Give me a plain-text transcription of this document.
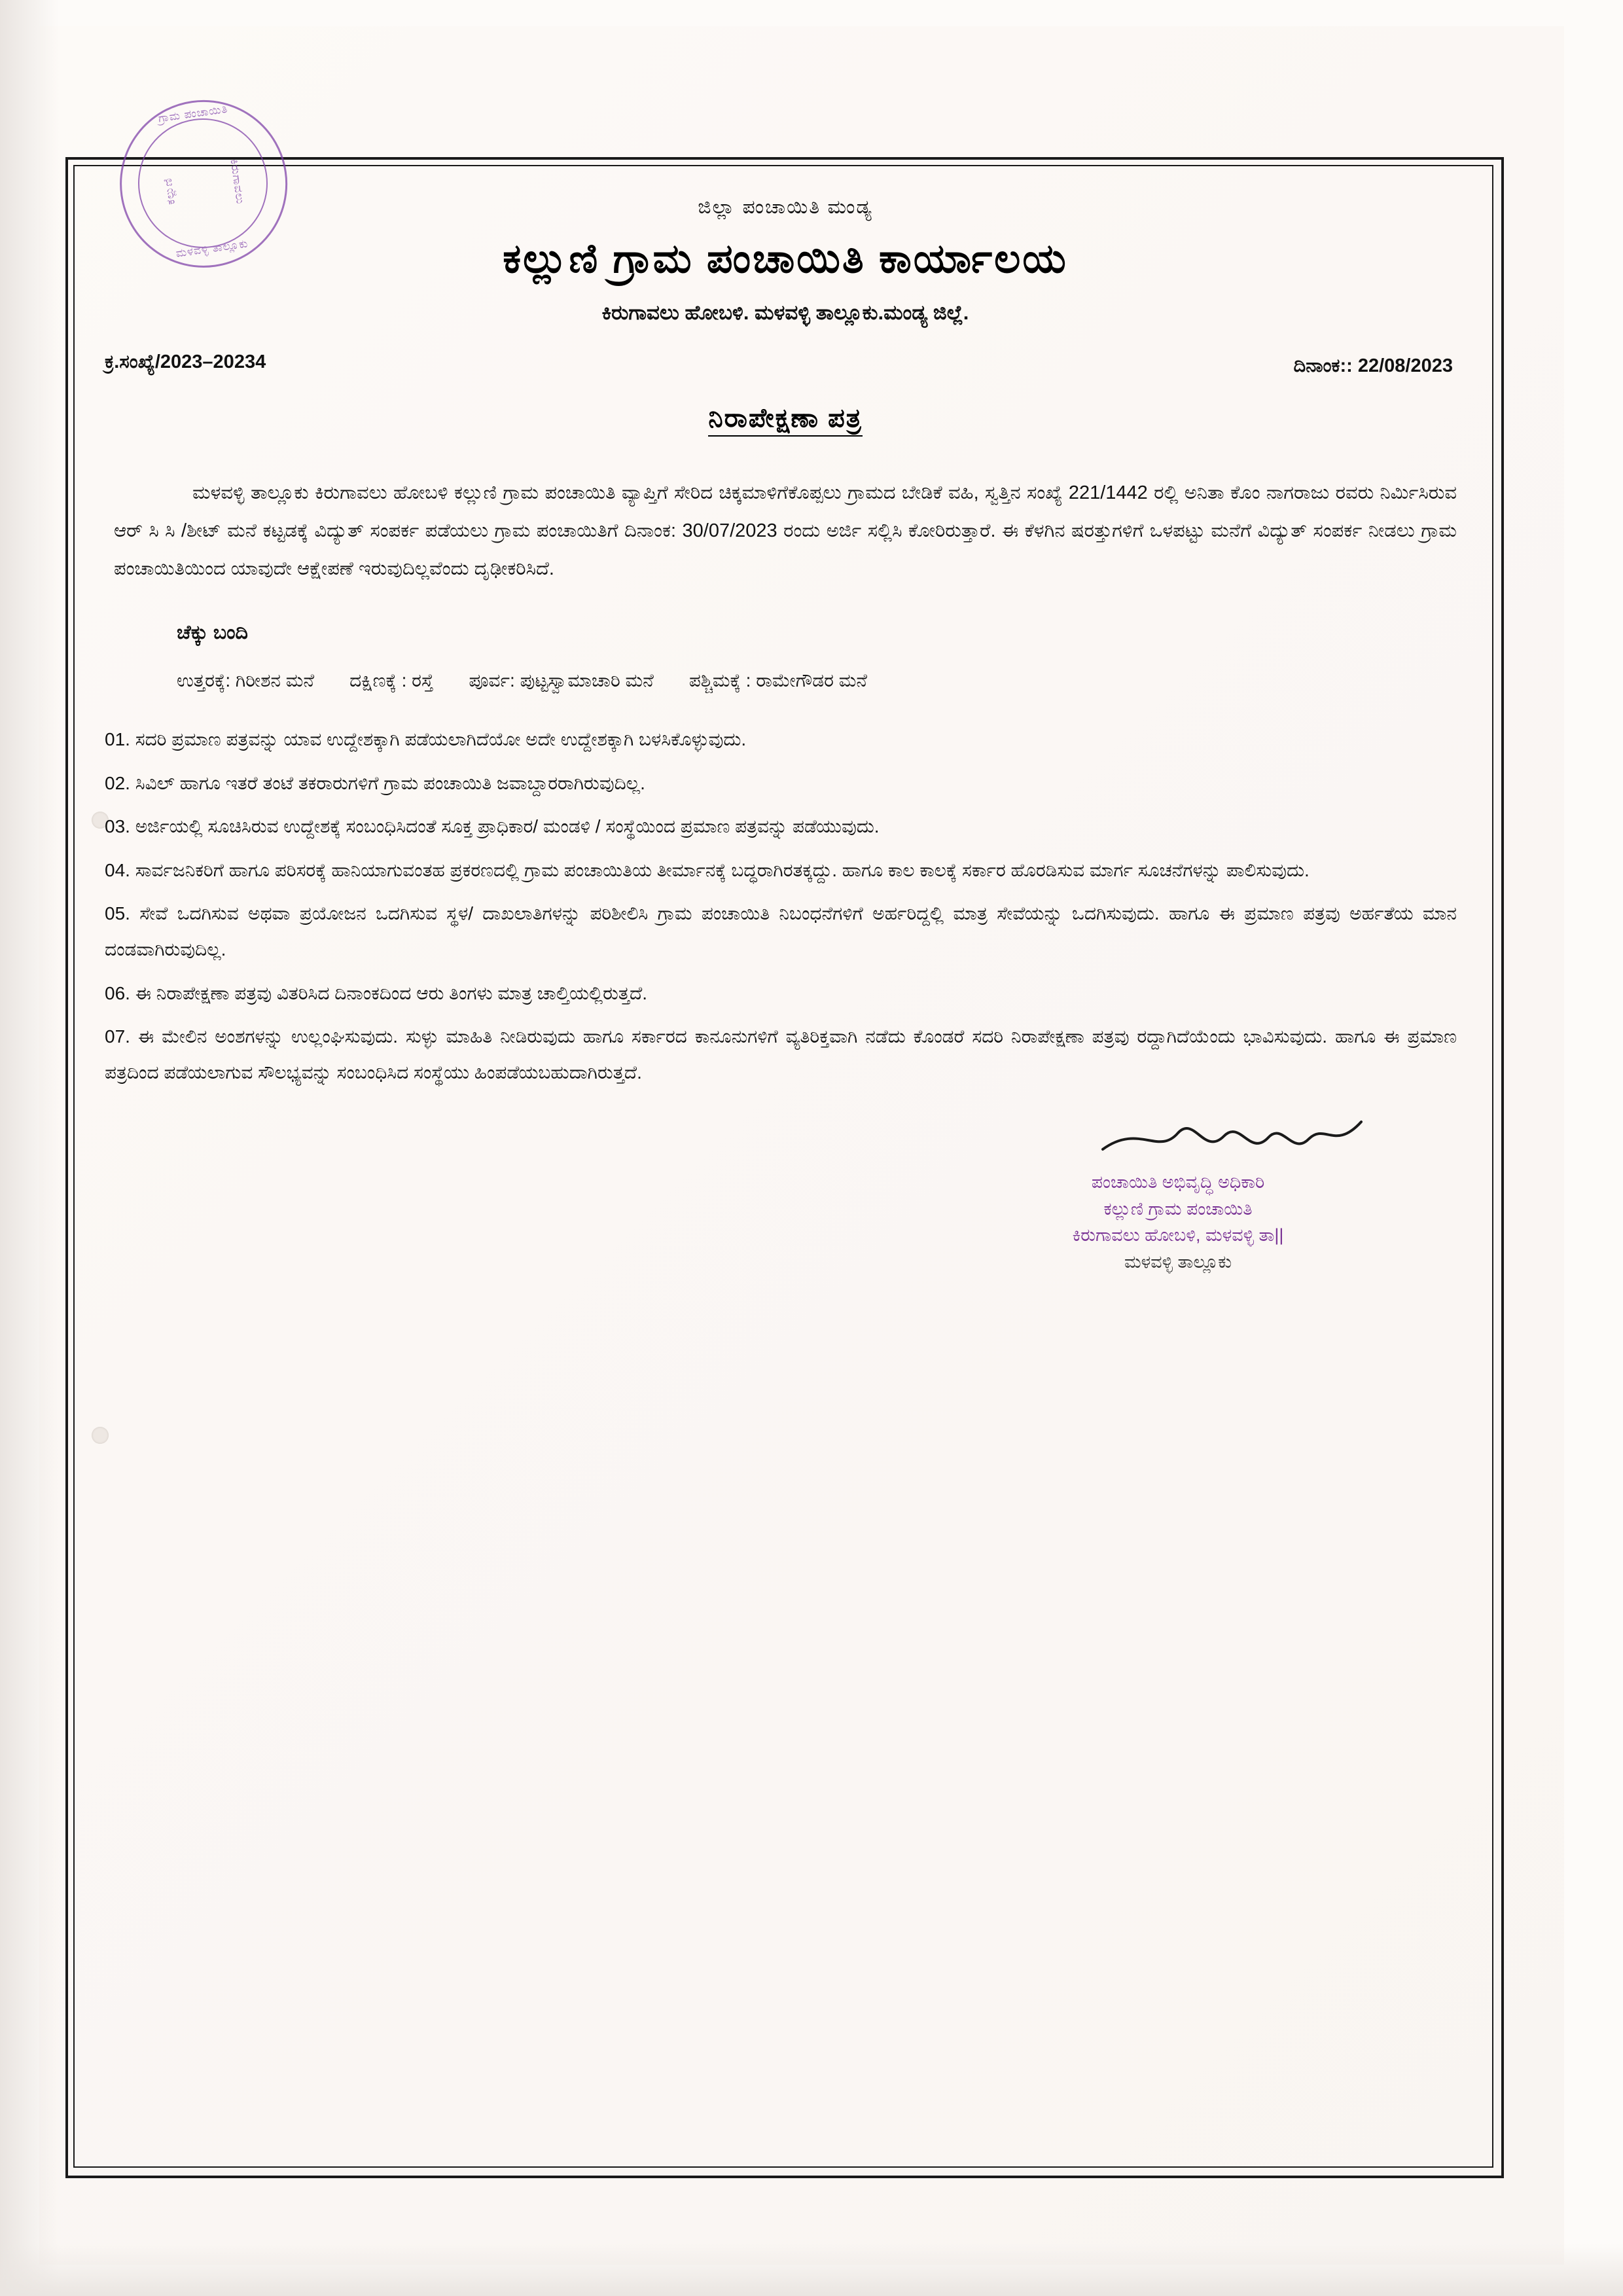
ಗ್ರಾಮ ಪಂಚಾಯಿತಿ
ಮಳವಳ್ಳಿ ತಾಲ್ಲೂಕು
ಕಲ್ಲುಣಿ	ಕಿರುಗಾವಲು
ಜಿಲ್ಲಾ ಪಂಚಾಯಿತಿ ಮಂಡ್ಯ
ಕಲ್ಲುಣಿ ಗ್ರಾಮ ಪಂಚಾಯಿತಿ ಕಾರ್ಯಾಲಯ
ಕಿರುಗಾವಲು ಹೋಬಳಿ. ಮಳವಳ್ಳಿ ತಾಲ್ಲೂಕು.ಮಂಡ್ಯ ಜಿಲ್ಲೆ.
ಕ್ರ.ಸಂಖ್ಯೆ/2023–20234	ದಿನಾಂಕ:: 22/08/2023
ನಿರಾಪೇಕ್ಷಣಾ ಪತ್ರ
ಮಳವಳ್ಳಿ ತಾಲ್ಲೂಕು ಕಿರುಗಾವಲು ಹೋಬಳಿ ಕಲ್ಲುಣಿ ಗ್ರಾಮ ಪಂಚಾಯಿತಿ ವ್ಯಾಪ್ತಿಗೆ ಸೇರಿದ ಚಿಕ್ಕಮಾಳಿಗೆಕೊಪ್ಪಲು ಗ್ರಾಮದ ಬೇಡಿಕೆ ವಹಿ, ಸ್ವತ್ತಿನ ಸಂಖ್ಯೆ 221/1442 ರಲ್ಲಿ ಅನಿತಾ ಕೊಂ ನಾಗರಾಜು ರವರು ನಿರ್ಮಿಸಿರುವ ಆರ್ ಸಿ ಸಿ /ಶೀಟ್ ಮನೆ ಕಟ್ಟಡಕ್ಕೆ ವಿದ್ಯುತ್ ಸಂಪರ್ಕ ಪಡೆಯಲು ಗ್ರಾಮ ಪಂಚಾಯಿತಿಗೆ ದಿನಾಂಕ: 30/07/2023 ರಂದು ಅರ್ಜಿ ಸಲ್ಲಿಸಿ ಕೋರಿರುತ್ತಾರೆ. ಈ ಕೆಳಗಿನ ಷರತ್ತುಗಳಿಗೆ ಒಳಪಟ್ಟು ಮನೆಗೆ ವಿದ್ಯುತ್ ಸಂಪರ್ಕ ನೀಡಲು ಗ್ರಾಮ ಪಂಚಾಯಿತಿಯಿಂದ ಯಾವುದೇ ಆಕ್ಷೇಪಣೆ ಇರುವುದಿಲ್ಲವೆಂದು ದೃಢೀಕರಿಸಿದೆ.
ಚೆಕ್ಕು ಬಂದಿ
ಉತ್ತರಕ್ಕೆ: ಗಿರೀಶನ ಮನೆ ದಕ್ಷಿಣಕ್ಕೆ : ರಸ್ತೆ ಪೂರ್ವ: ಪುಟ್ಟಸ್ವಾಮಾಚಾರಿ ಮನೆ ಪಶ್ಚಿಮಕ್ಕೆ : ರಾಮೇಗೌಡರ ಮನೆ
01. ಸದರಿ ಪ್ರಮಾಣ ಪತ್ರವನ್ನು ಯಾವ ಉದ್ದೇಶಕ್ಕಾಗಿ ಪಡೆಯಲಾಗಿದೆಯೋ ಅದೇ ಉದ್ದೇಶಕ್ಕಾಗಿ ಬಳಸಿಕೊಳ್ಳುವುದು.
02. ಸಿವಿಲ್ ಹಾಗೂ ಇತರೆ ತಂಟೆ ತಕರಾರುಗಳಿಗೆ ಗ್ರಾಮ ಪಂಚಾಯಿತಿ ಜವಾಬ್ದಾರರಾಗಿರುವುದಿಲ್ಲ.
03. ಅರ್ಜಿಯಲ್ಲಿ ಸೂಚಿಸಿರುವ ಉದ್ದೇಶಕ್ಕೆ ಸಂಬಂಧಿಸಿದಂತೆ ಸೂಕ್ತ ಪ್ರಾಧಿಕಾರ/ ಮಂಡಳಿ / ಸಂಸ್ಥೆಯಿಂದ ಪ್ರಮಾಣ ಪತ್ರವನ್ನು ಪಡೆಯುವುದು.
04. ಸಾರ್ವಜನಿಕರಿಗೆ ಹಾಗೂ ಪರಿಸರಕ್ಕೆ ಹಾನಿಯಾಗುವಂತಹ ಪ್ರಕರಣದಲ್ಲಿ ಗ್ರಾಮ ಪಂಚಾಯಿತಿಯ ತೀರ್ಮಾನಕ್ಕೆ ಬದ್ಧರಾಗಿರತಕ್ಕದ್ದು. ಹಾಗೂ ಕಾಲ ಕಾಲಕ್ಕೆ ಸರ್ಕಾರ ಹೊರಡಿಸುವ ಮಾರ್ಗ ಸೂಚನೆಗಳನ್ನು ಪಾಲಿಸುವುದು.
05. ಸೇವೆ ಒದಗಿಸುವ ಅಥವಾ ಪ್ರಯೋಜನ ಒದಗಿಸುವ ಸ್ಥಳ/ ದಾಖಲಾತಿಗಳನ್ನು ಪರಿಶೀಲಿಸಿ ಗ್ರಾಮ ಪಂಚಾಯಿತಿ ನಿಬಂಧನೆಗಳಿಗೆ ಅರ್ಹರಿದ್ದಲ್ಲಿ ಮಾತ್ರ ಸೇವೆಯನ್ನು ಒದಗಿಸುವುದು. ಹಾಗೂ ಈ ಪ್ರಮಾಣ ಪತ್ರವು ಅರ್ಹತೆಯ ಮಾನ ದಂಡವಾಗಿರುವುದಿಲ್ಲ.
06. ಈ ನಿರಾಪೇಕ್ಷಣಾ ಪತ್ರವು ವಿತರಿಸಿದ ದಿನಾಂಕದಿಂದ ಆರು ತಿಂಗಳು ಮಾತ್ರ ಚಾಲ್ತಿಯಲ್ಲಿರುತ್ತದೆ.
07. ಈ ಮೇಲಿನ ಅಂಶಗಳನ್ನು ಉಲ್ಲಂಘಿಸುವುದು. ಸುಳ್ಳು ಮಾಹಿತಿ ನೀಡಿರುವುದು ಹಾಗೂ ಸರ್ಕಾರದ ಕಾನೂನುಗಳಿಗೆ ವ್ಯತಿರಿಕ್ತವಾಗಿ ನಡೆದು ಕೊಂಡರೆ ಸದರಿ ನಿರಾಪೇಕ್ಷಣಾ ಪತ್ರವು ರದ್ದಾಗಿದೆಯೆಂದು ಭಾವಿಸುವುದು. ಹಾಗೂ ಈ ಪ್ರಮಾಣ ಪತ್ರದಿಂದ ಪಡೆಯಲಾಗುವ ಸೌಲಭ್ಯವನ್ನು ಸಂಬಂಧಿಸಿದ ಸಂಸ್ಥೆಯು ಹಿಂಪಡೆಯಬಹುದಾಗಿರುತ್ತದೆ.
ಪಂಚಾಯಿತಿ ಅಭಿವೃದ್ಧಿ ಅಧಿಕಾರಿ
ಕಲ್ಲುಣಿ ಗ್ರಾಮ ಪಂಚಾಯಿತಿ
ಕಿರುಗಾವಲು ಹೋಬಳಿ, ಮಳವಳ್ಳಿ ತಾ||
ಮಳವಳ್ಳಿ ತಾಲ್ಲೂಕು
